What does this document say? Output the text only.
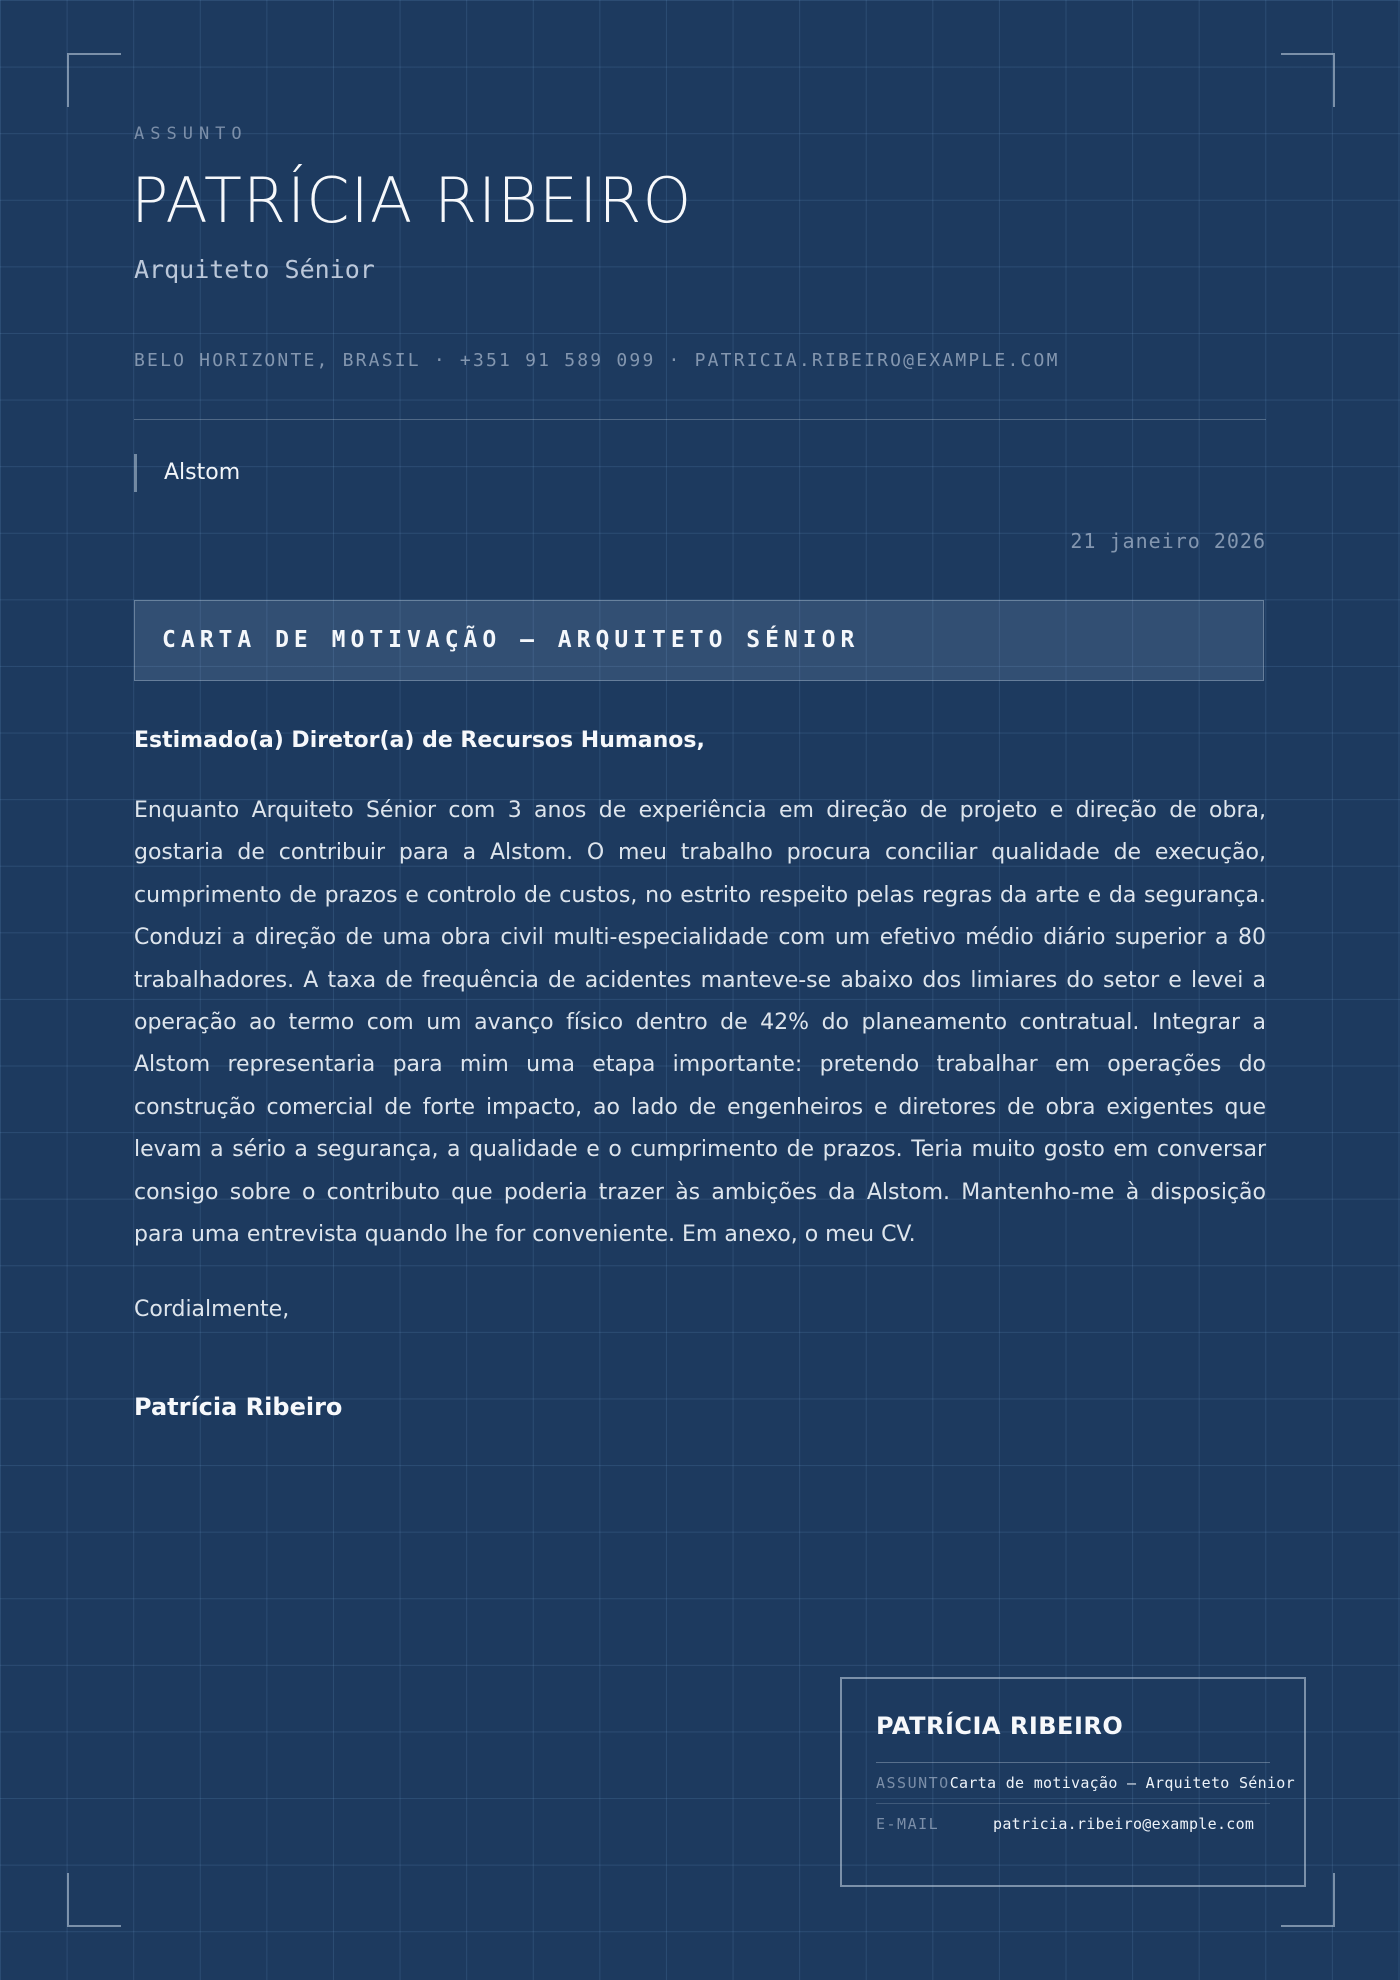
ASSUNTO
PATRÍCIA RIBEIRO
Arquiteto Sénior
BELO HORIZONTE, BRASIL · +351 91 589 099 · PATRICIA.RIBEIRO@EXAMPLE.COM
Alstom
21 janeiro 2026
CARTA DE MOTIVAÇÃO — ARQUITETO SÉNIOR
Estimado(a) Diretor(a) de Recursos Humanos,

Enquanto Arquiteto Sénior com 3 anos de experiência em direção de projeto e direção de obra, gostaria de contribuir para a Alstom. O meu trabalho procura conciliar qualidade de execução, cumprimento de prazos e controlo de custos, no estrito respeito pelas regras da arte e da segurança. Conduzi a direção de uma obra civil multi-especialidade com um efetivo médio diário superior a 80 trabalhadores. A taxa de frequência de acidentes manteve-se abaixo dos limiares do setor e levei a operação ao termo com um avanço físico dentro de 42% do planeamento contratual. Integrar a Alstom representaria para mim uma etapa importante: pretendo trabalhar em operações do construção comercial de forte impacto, ao lado de engenheiros e diretores de obra exigentes que levam a sério a segurança, a qualidade e o cumprimento de prazos. Teria muito gosto em conversar consigo sobre o contributo que poderia trazer às ambições da Alstom. Mantenho-me à disposição para uma entrevista quando lhe for conveniente. Em anexo, o meu CV.

Cordialmente,
Patrícia Ribeiro
PATRÍCIA RIBEIRO
ASSUNTO Carta de motivação — Arquiteto Sénior
E-MAIL	patricia.ribeiro@example.com
